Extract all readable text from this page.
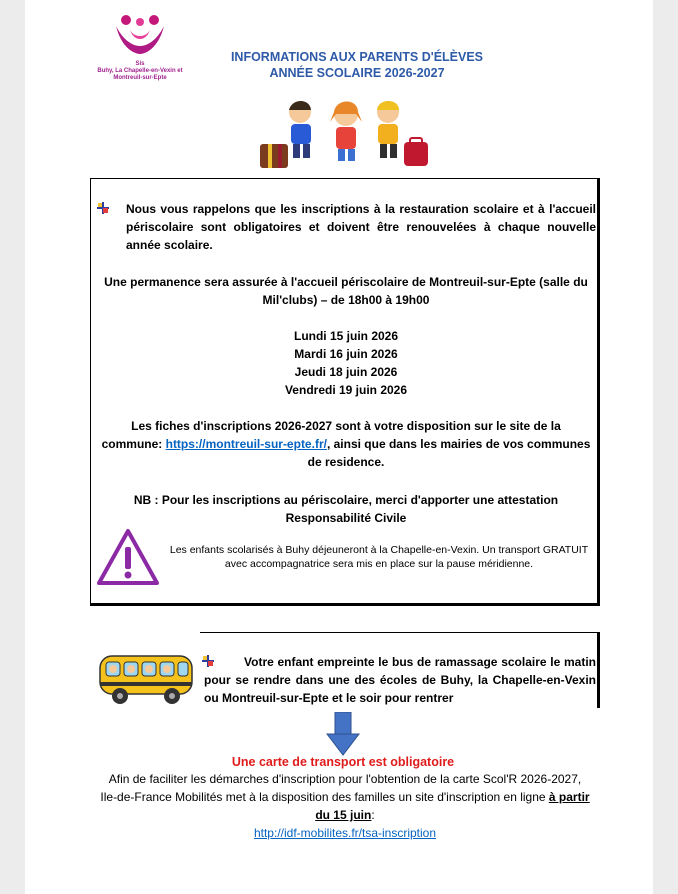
Sis
Buhy, La Chapelle-en-Vexin et
Montreuil-sur-Epte
INFORMATIONS AUX PARENTS D'ÉLÈVES
ANNÉE SCOLAIRE 2026-2027
Nous vous rappelons que les inscriptions à la restauration scolaire et à l'accueil périscolaire sont obligatoires et doivent être renouvelées à chaque nouvelle année scolaire.
Une permanence sera assurée à l'accueil périscolaire de Montreuil-sur-Epte (salle du Mil'clubs) – de 18h00 à 19h00
Lundi 15 juin 2026
Mardi 16 juin 2026
Jeudi 18 juin 2026
Vendredi 19 juin 2026
Les fiches d'inscriptions 2026-2027 sont à votre disposition sur le site de la commune: https://montreuil-sur-epte.fr/, ainsi que dans les mairies de vos communes de residence.
NB : Pour les inscriptions au périscolaire, merci d'apporter une attestation Responsabilité Civile
Les enfants scolarisés à Buhy déjeuneront à la Chapelle-en-Vexin. Un transport GRATUIT avec accompagnatrice sera mis en place sur la pause méridienne.
Votre enfant empreinte le bus de ramassage scolaire le matin pour se rendre dans une des écoles de Buhy, la Chapelle-en-Vexin ou Montreuil-sur-Epte et le soir pour rentrer
Une carte de transport est obligatoire
Afin de faciliter les démarches d'inscription pour l'obtention de la carte Scol'R 2026-2027, Ile-de-France Mobilités met à la disposition des familles un site d'inscription en ligne à partir du 15 juin:
http://idf-mobilites.fr/tsa-inscription
